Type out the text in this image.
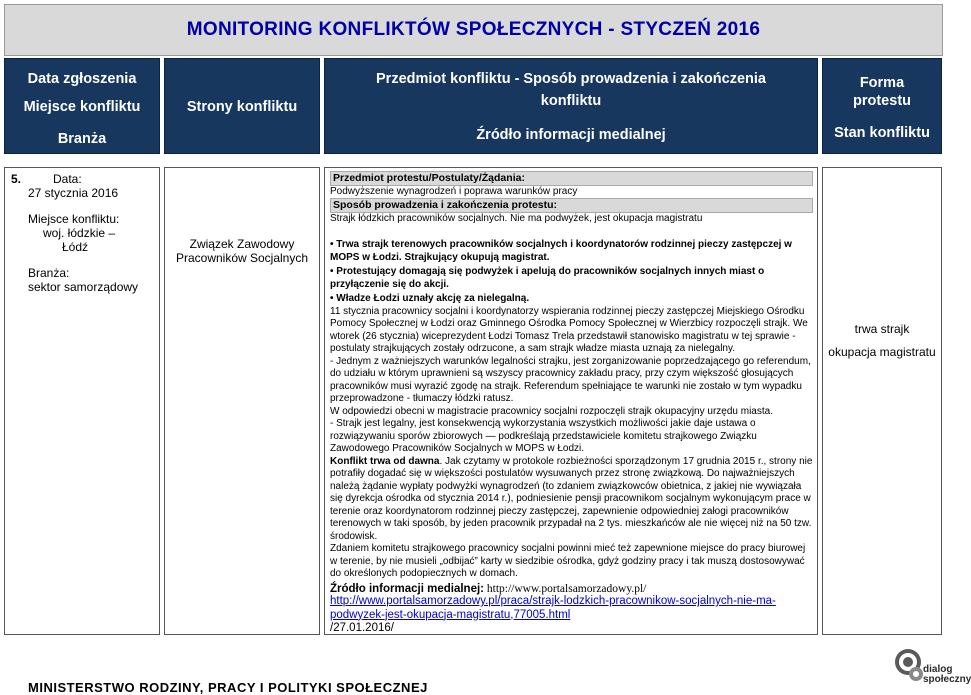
MONITORING KONFLIKTÓW SPOŁECZNYCH - STYCZEŃ 2016
Data zgłoszenia
Miejsce konfliktu
Branża
Strony konfliktu
Przedmiot konfliktu - Sposób prowadzenia i zakończenia
konfliktu
Źródło informacji medialnej
Forma
protestu
Stan konfliktu
5.	Data:
27 stycznia 2016
Miejsce konfliktu:
woj. łódzkie –
Łódź
Branża:
sektor samorządowy
Związek Zawodowy
Pracowników Socjalnych
Przedmiot protestu/Postulaty/Żądania:
Podwyższenie wynagrodzeń i poprawa warunków pracy
Sposób prowadzenia i zakończenia protestu:
Strajk łódzkich pracowników socjalnych. Nie ma podwyżek, jest okupacja magistratu
• Trwa strajk terenowych pracowników socjalnych i koordynatorów rodzinnej pieczy zastępczej w MOPS w Łodzi. Strajkujący okupują magistrat.
• Protestujący domagają się podwyżek i apelują do pracowników socjalnych innych miast o przyłączenie się do akcji.
• Władze Łodzi uznały akcję za nielegalną.
11 stycznia pracownicy socjalni i koordynatorzy wspierania rodzinnej pieczy zastępczej Miejskiego Ośrodku Pomocy Społecznej w Łodzi oraz Gminnego Ośrodka Pomocy Społecznej w Wierzbicy rozpoczęli strajk. We wtorek (26 stycznia) wiceprezydent Łodzi Tomasz Trela przedstawił stanowisko magistratu w tej sprawie - postulaty strajkujących zostały odrzucone, a sam strajk władze miasta uznają za nielegalny.
- Jednym z ważniejszych warunków legalności strajku, jest zorganizowanie poprzedzającego go referendum, do udziału w którym uprawnieni są wszyscy pracownicy zakładu pracy, przy czym większość głosujących pracowników musi wyrazić zgodę na strajk. Referendum spełniające te warunki nie zostało w tym wypadku przeprowadzone - tłumaczy łódzki ratusz.
W odpowiedzi obecni w magistracie pracownicy socjalni rozpoczęli strajk okupacyjny urzędu miasta.
- Strajk jest legalny, jest konsekwencją wykorzystania wszystkich możliwości jakie daje ustawa o rozwiązywaniu sporów zbiorowych — podkreślają przedstawiciele komitetu strajkowego Związku Zawodowego Pracowników Socjalnych w MOPS w Łodzi.
Konflikt trwa od dawna. Jak czytamy w protokole rozbieżności sporządzonym 17 grudnia 2015 r., strony nie potrafiły dogadać się w większości postulatów wysuwanych przez stronę związkową. Do najważniejszych należą żądanie wypłaty podwyżki wynagrodzeń (to zdaniem związkowców obietnica, z jakiej nie wywiązała się dyrekcja ośrodka od stycznia 2014 r.), podniesienie pensji pracownikom socjalnym wykonującym prace w terenie oraz koordynatorom rodzinnej pieczy zastępczej, zapewnienie odpowiedniej załogi pracowników terenowych w taki sposób, by jeden pracownik przypadał na 2 tys. mieszkańców ale nie więcej niż na 50 tzw. środowisk.
Zdaniem komitetu strajkowego pracownicy socjalni powinni mieć też zapewnione miejsce do pracy biurowej w terenie, by nie musieli „odbijać” karty w siedzibie ośrodka, gdyż godziny pracy i tak muszą dostosowywać do określonych podopiecznych w domach.
Źródło informacji medialnej: http://www.portalsamorzadowy.pl/
http://www.portalsamorzadowy.pl/praca/strajk-lodzkich-pracownikow-socjalnych-nie-ma-podwyzek-jest-okupacja-magistratu,77005.html
/27.01.2016/
trwa strajk
okupacja magistratu
MINISTERSTWO RODZINY, PRACY I POLITYKI SPOŁECZNEJ
dialog
społeczny
